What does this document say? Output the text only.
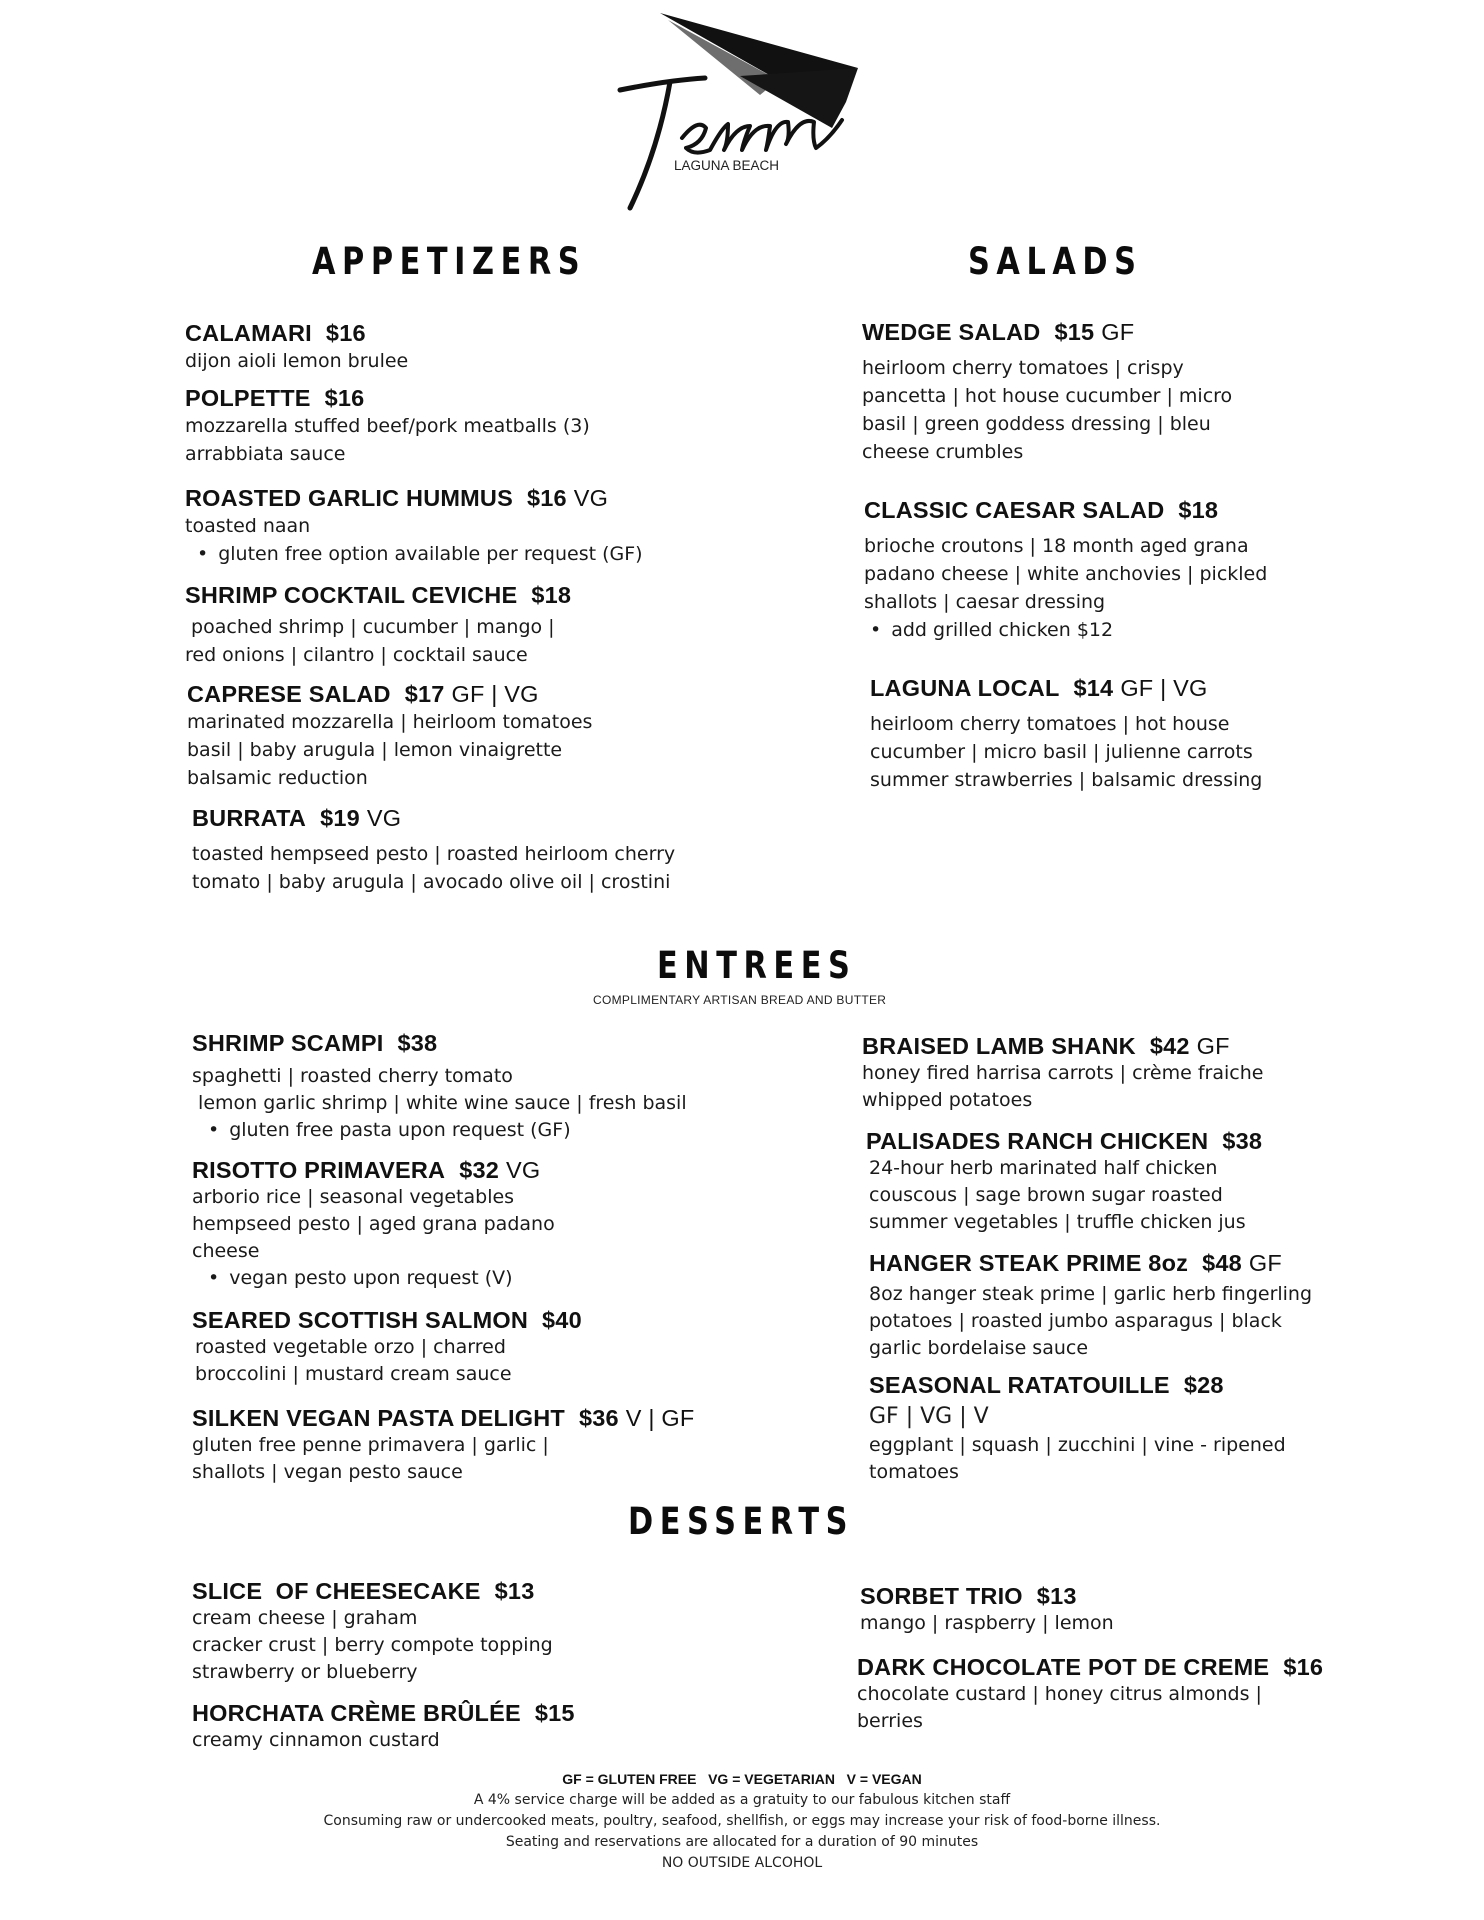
LAGUNA BEACH
APPETIZERS	SALADS
ENTREES
COMPLIMENTARY ARTISAN BREAD AND BUTTER
DESSERTS
CALAMARI $16
dijon aioli lemon brulee
POLPETTE $16
mozzarella stuffed beef/pork meatballs (3)
arrabbiata sauce
ROASTED GARLIC HUMMUS $16 VG
toasted naan
• gluten free option available per request (GF)
SHRIMP COCKTAIL CEVICHE $18
poached shrimp | cucumber | mango |
red onions | cilantro | cocktail sauce
CAPRESE SALAD $17 GF | VG
marinated mozzarella | heirloom tomatoes
basil | baby arugula | lemon vinaigrette
balsamic reduction
BURRATA $19 VG
toasted hempseed pesto | roasted heirloom cherry
tomato | baby arugula | avocado olive oil | crostini
WEDGE SALAD $15 GF
heirloom cherry tomatoes | crispy
pancetta | hot house cucumber | micro
basil | green goddess dressing | bleu
cheese crumbles
CLASSIC CAESAR SALAD $18
brioche croutons | 18 month aged grana
padano cheese | white anchovies | pickled
shallots | caesar dressing
• add grilled chicken $12
LAGUNA LOCAL $14 GF | VG
heirloom cherry tomatoes | hot house
cucumber | micro basil | julienne carrots
summer strawberries | balsamic dressing
SHRIMP SCAMPI $38
spaghetti | roasted cherry tomato
lemon garlic shrimp | white wine sauce | fresh basil
• gluten free pasta upon request (GF)
RISOTTO PRIMAVERA $32 VG
arborio rice | seasonal vegetables
hempseed pesto | aged grana padano
cheese
• vegan pesto upon request (V)
SEARED SCOTTISH SALMON $40
roasted vegetable orzo | charred
broccolini | mustard cream sauce
SILKEN VEGAN PASTA DELIGHT $36 V | GF
gluten free penne primavera | garlic |
shallots | vegan pesto sauce
BRAISED LAMB SHANK $42 GF
honey fired harrisa carrots | crème fraiche
whipped potatoes
PALISADES RANCH CHICKEN $38
24-hour herb marinated half chicken
couscous | sage brown sugar roasted
summer vegetables | truffle chicken jus
HANGER STEAK PRIME 8oz $48 GF
8oz hanger steak prime | garlic herb fingerling
potatoes | roasted jumbo asparagus | black
garlic bordelaise sauce
SEASONAL RATATOUILLE $28
GF | VG | V
eggplant | squash | zucchini | vine - ripened
tomatoes
SLICE  OF CHEESECAKE $13
cream cheese | graham
cracker crust | berry compote topping
strawberry or blueberry
HORCHATA CRÈME BRÛLÉE $15
creamy cinnamon custard
SORBET TRIO $13
mango | raspberry | lemon
DARK CHOCOLATE POT DE CREME $16
chocolate custard | honey citrus almonds |
berries
GF = GLUTEN FREE   VG = VEGETARIAN   V = VEGAN
A 4% service charge will be added as a gratuity to our fabulous kitchen staff
Consuming raw or undercooked meats, poultry, seafood, shellfish, or eggs may increase your risk of food-borne illness.
Seating and reservations are allocated for a duration of 90 minutes
NO OUTSIDE ALCOHOL
